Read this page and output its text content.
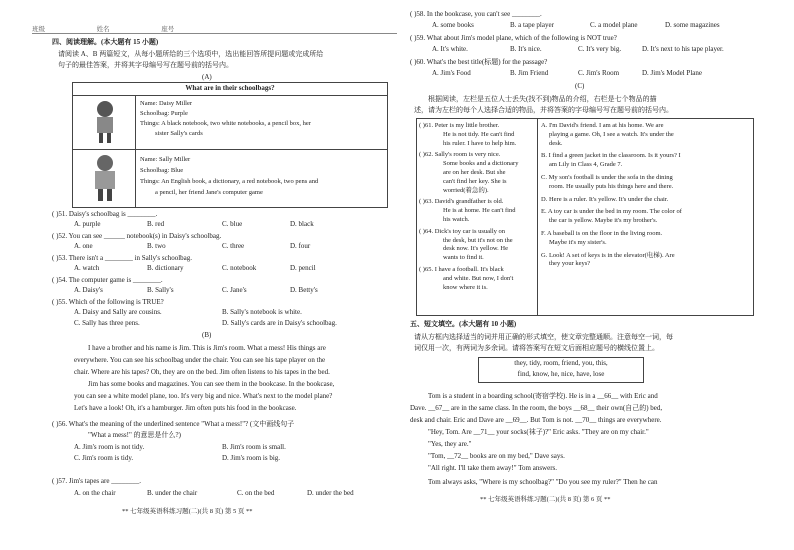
班级	姓名	座号
四、阅读理解。(本大题有 15 小题)
请阅读 A、B 两篇短文，从每小题所给的三个选项中，选出能回答所提问题或完成所给
句子的最佳答案，并将其字母编号写在题号前的括号内。
(A)
What are in their schoolbags?
Name: Daisy Miller
Schoolbag: Purple
Things: A black notebook, two white notebooks, a pencil box, her
sister Sally's cards
Name: Sally Miller
Schoolbag: Blue
Things: An English book, a dictionary, a red notebook, two pens and
a pencil, her friend Jane's computer game
( )51. Daisy's schoolbag is ________.
A. purple	B. red	C. blue	D. black
( )52. You can see ______ notebook(s) in Daisy's schoolbag.
A. one	B. two	C. three	D. four
( )53. There isn't a ________ in Sally's schoolbag.
A. watch	B. dictionary	C. notebook	D. pencil
( )54. The computer game is ________.
A. Daisy's	B. Sally's	C. Jane's	D. Betty's
( )55. Which of the following is TRUE?
A. Daisy and Sally are cousins.	B. Sally's notebook is white.
C. Sally has three pens.	D. Sally's cards are in Daisy's schoolbag.
(B)
I have a brother and his name is Jim. This is Jim's room. What a mess! His things are
everywhere. You can see his schoolbag under the chair. You can see his tape player on the
chair. Where are his tapes? Oh, they are on the bed. Jim often listens to his tapes in the bed.
Jim has some books and magazines. You can see them in the bookcase. In the bookcase,
you can see a white model plane, too. It's very big and nice. What's next to the model plane?
Let's have a look! Oh, it's a hamburger. Jim often puts his food in the bookcase.
( )56. What's the meaning of the underlined sentence "What a mess!"? (文中画线句子
"What a mess!" 的意思是什么?)
A. Jim's room is not tidy.	B. Jim's room is small.
C. Jim's room is tidy.	D. Jim's room is big.
( )57. Jim's tapes are ________.
A. on the chair	B. under the chair	C. on the bed	D. under the bed
** 七年级英语科练习题(二)(共 8 页) 第 5 页 **
( )58. In the bookcase, you can't see ________.
A. some books	B. a tape player	C. a model plane	D. some magazines
( )59. What about Jim's model plane, which of the following is NOT true?
A. It's white.	B. It's nice.	C. It's very big.	D. It's next to his tape player.
( )60. What's the best title(标题) for the passage?
A. Jim's Food	B. Jim Friend	C. Jim's Room	D. Jim's Model Plane
(C)
根据阅读，左栏是五位人士丢失(找不到)物品的介绍，右栏是七个物品的描
述，请为左栏的每个人选择合适的物品，并将答案的字母编号写在题号前的括号内。
( )61. Peter is my little brother.
He is not tidy. He can't find
his ruler. I have to help him.
( )62. Sally's room is very nice.
Some books and a dictionary
are on her desk. But she
can't find her key. She is
worried(着急的).
( )63. David's grandfather is old.
He is at home. He can't find
his watch.
( )64. Dick's toy car is usually on
the desk, but it's not on the
desk now. It's yellow. He
wants to find it.
( )65. I have a football. It's black
and white. But now, I don't
know where it is.
A. I'm David's friend. I am at his home. We are
playing a game. Oh, I see a watch. It's under the
desk.
B. I find a green jacket in the classroom. Is it yours? I
am Lily in Class 4, Grade 7.
C. My son's football is under the sofa in the dining
room. He usually puts his things here and there.
D. Here is a ruler. It's yellow. It's under the chair.
E. A toy car is under the bed in my room. The color of
the car is yellow. Maybe it's my brother's.
F. A baseball is on the floor in the living room.
Maybe it's my sister's.
G. Look! A set of keys is in the elevator(电梯). Are
they your keys?
五、短文填空。(本大题有 10 小题)
请从方框内选择适当的词并用正确的形式填空，使文章完整通顺。注意每空一词，每
词仅用一次，有两词为多余词。请将答案写在短文后面相应题号的横线位置上。
they, tidy, room, friend, you, this,
find, know, he, nice, have, lose
Tom is a student in a boarding school(寄宿学校). He is in a __66__ with Eric and
Dave. __67__ are in the same class. In the room, the boys __68__ their own(自己的) bed,
desk and chair. Eric and Dave are __69__. But Tom is not. __70__ things are everywhere.
"Hey, Tom. Are __71__ your socks(袜子)?" Eric asks. "They are on my chair."
"Yes, they are."
"Tom, __72__ books are on my bed," Dave says.
"All right. I'll take them away!" Tom answers.
Tom always asks, "Where is my schoolbag?" "Do you see my ruler?" Then he can
** 七年级英语科练习题(二)(共 8 页) 第 6 页 **
